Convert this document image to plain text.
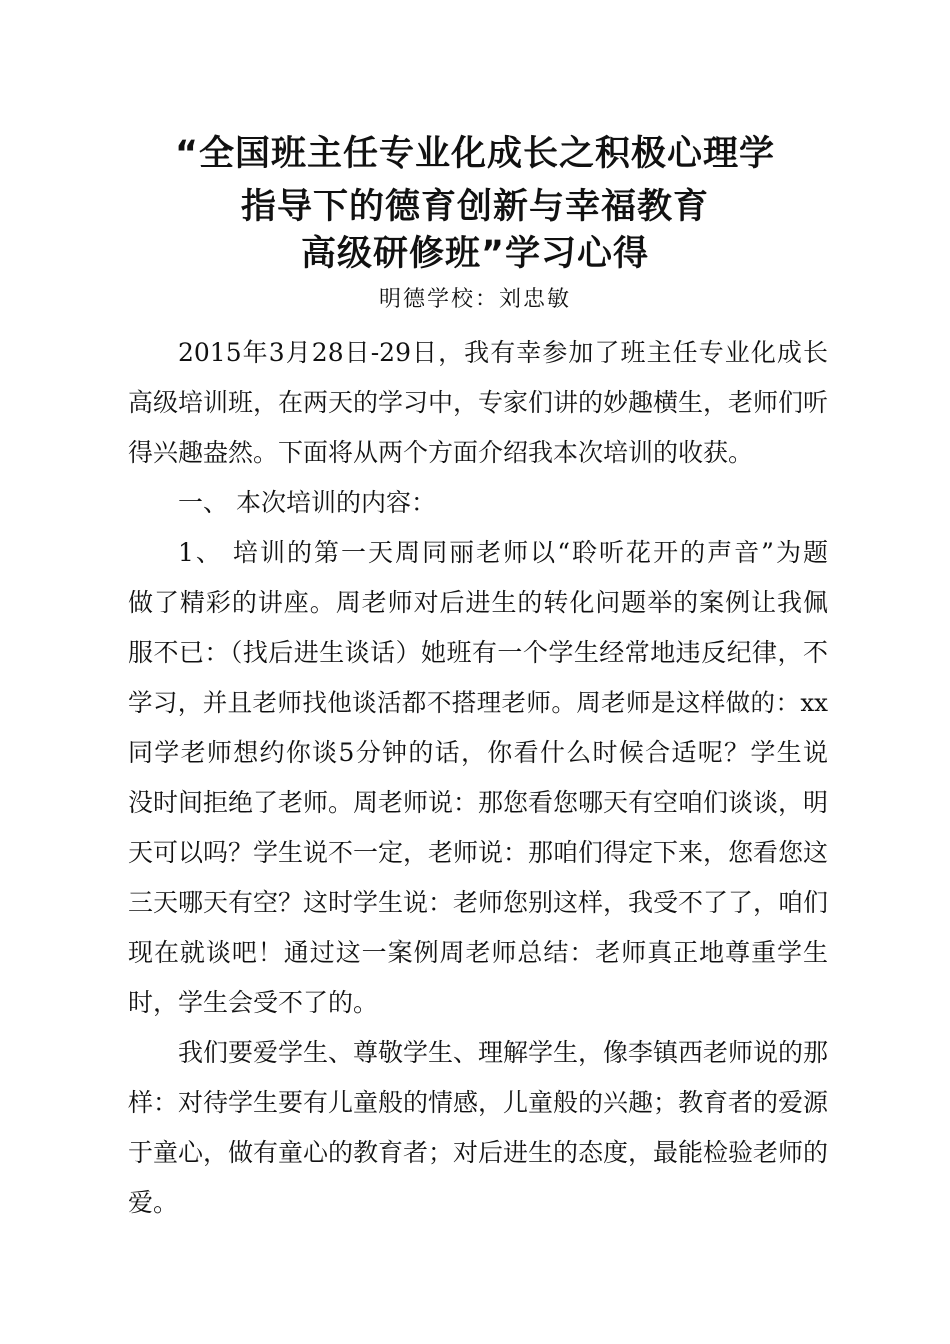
“全国班主任专业化成长之积极心理学
指导下的德育创新与幸福教育
高级研修班”学习心得
明德学校：刘忠敏
2015年3月28日-29日，我有幸参加了班主任专业化成长
高级培训班，在两天的学习中，专家们讲的妙趣横生，老师们听
得兴趣盎然。下面将从两个方面介绍我本次培训的收获。
一、 本次培训的内容：
1、 培训的第一天周同丽老师以“聆听花开的声音”为题
做了精彩的讲座。周老师对后进生的转化问题举的案例让我佩
服不已：（找后进生谈话）她班有一个学生经常地违反纪律，不
学习，并且老师找他谈活都不搭理老师。周老师是这样做的：xx
同学老师想约你谈5分钟的话，你看什么时候合适呢？学生说
没时间拒绝了老师。周老师说：那您看您哪天有空咱们谈谈，明
天可以吗？学生说不一定，老师说：那咱们得定下来，您看您这
三天哪天有空？这时学生说：老师您别这样，我受不了了，咱们
现在就谈吧！通过这一案例周老师总结：老师真正地尊重学生
时，学生会受不了的。
我们要爱学生、尊敬学生、理解学生，像李镇西老师说的那
样：对待学生要有儿童般的情感，儿童般的兴趣；教育者的爱源
于童心，做有童心的教育者；对后进生的态度，最能检验老师的
爱。
